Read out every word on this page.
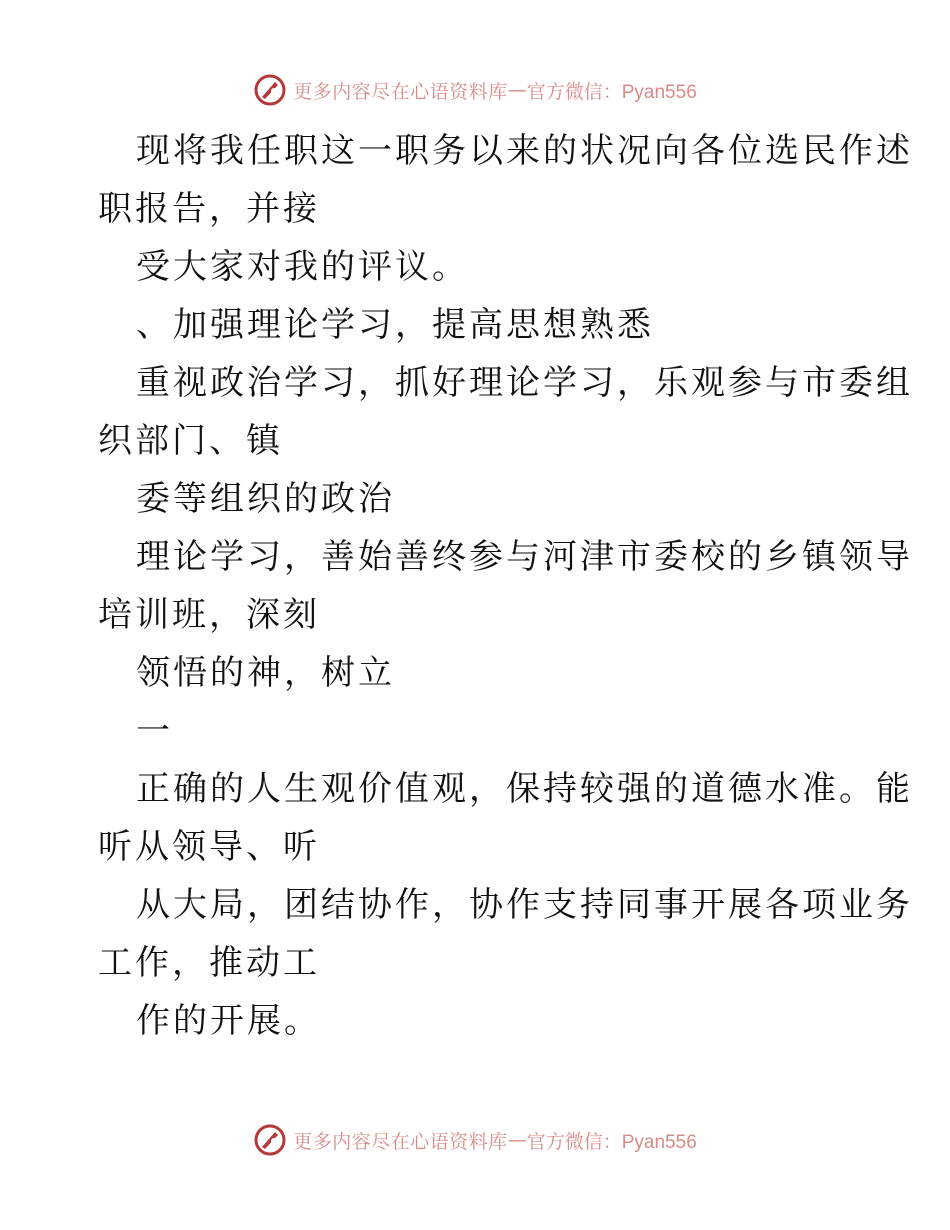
更多内容尽在心语资料库 — 官方微信：Pyan556
现将我任职这一职务以来的状况向各位选民作述
职报告，并接
受大家对我的评议。
、加强理论学习，提高思想熟悉
重视政治学习，抓好理论学习，乐观参与市委组
织部门、镇
委等组织的政治
理论学习，善始善终参与河津市委校的乡镇领导
培训班，深刻
领悟的神，树立
一
正确的人生观价值观，保持较强的道德水准。能
听从领导、听
从大局，团结协作，协作支持同事开展各项业务
工作，推动工
作的开展。
更多内容尽在心语资料库 — 官方微信：Pyan556
